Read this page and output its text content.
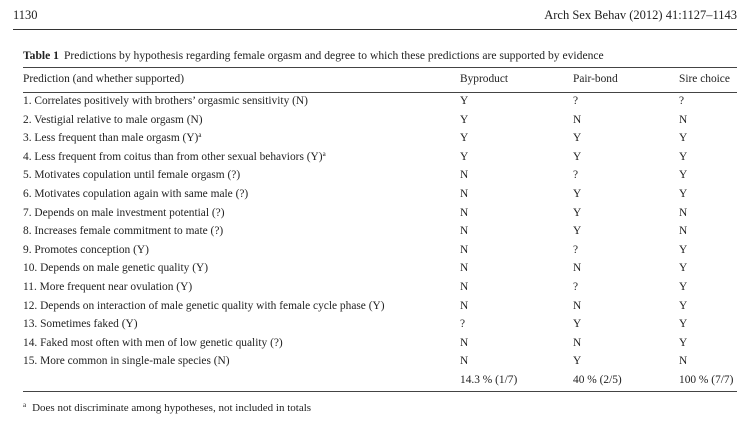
1130	Arch Sex Behav (2012) 41:1127–1143
Table 1 Predictions by hypothesis regarding female orgasm and degree to which these predictions are supported by evidence
Prediction (and whether supported)	Byproduct	Pair-bond	Sire choice
1. Correlates positively with brothers’ orgasmic sensitivity (N)	Y	?	?
2. Vestigial relative to male orgasm (N)	Y	N	N
3. Less frequent than male orgasm $(Y)^a$	Y	Y	Y
4. Less frequent from coitus than from other sexual behaviors $(Y)^a$	Y	Y	Y
5. Motivates copulation until female orgasm (?)	N	?	Y
6. Motivates copulation again with same male (?)	N	Y	Y
7. Depends on male investment potential (?)	N	Y	N
8. Increases female commitment to mate (?)	N	Y	N
9. Promotes conception (Y)	N	?	Y
10. Depends on male genetic quality (Y)	N	N	Y
11. More frequent near ovulation (Y)	N	?	Y
12. Depends on interaction of male genetic quality with female cycle phase (Y)	N	N	Y
13. Sometimes faked (Y)	?	Y	Y
14. Faked most often with men of low genetic quality (?)	N	N	Y
15. More common in single-male species (N)	N	Y	N
	14.3 % (1/7)	40 % (2/5)	100 % (7/7)
$^a$ Does not discriminate among hypotheses, not included in totals
